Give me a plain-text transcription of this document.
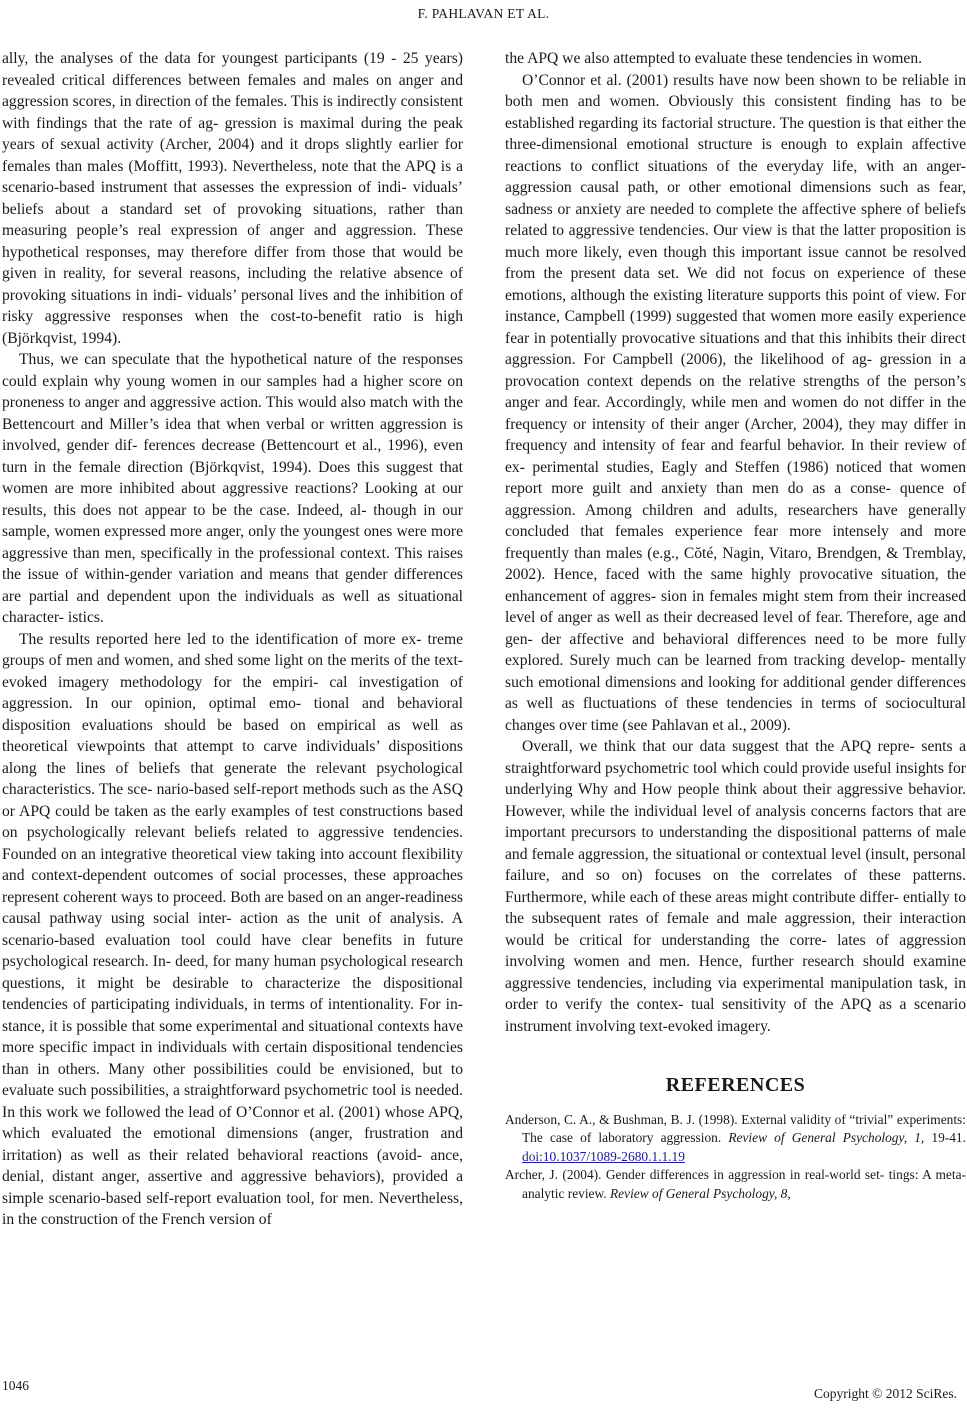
F. PAHLAVAN ET AL.

ally, the analyses of the data for youngest participants (19 - 25 years) revealed critical differences between females and males on anger and aggression scores, in direction of the females. This is indirectly consistent with findings that the rate of ag- gression is maximal during the peak years of sexual activity (Archer, 2004) and it drops slightly earlier for females than males (Moffitt, 1993). Nevertheless, note that the APQ is a scenario-based instrument that assesses the expression of indi- viduals’ beliefs about a standard set of provoking situations, rather than measuring people’s real expression of anger and aggression. These hypothetical responses, may therefore differ from those that would be given in reality, for several reasons, including the relative absence of provoking situations in indi- viduals’ personal lives and the inhibition of risky aggressive responses when the cost-to-benefit ratio is high (Björkqvist, 1994).

Thus, we can speculate that the hypothetical nature of the responses could explain why young women in our samples had a higher score on proneness to anger and aggressive action. This would also match with the Bettencourt and Miller’s idea that when verbal or written aggression is involved, gender dif- ferences decrease (Bettencourt et al., 1996), even turn in the female direction (Björkqvist, 1994). Does this suggest that women are more inhibited about aggressive reactions? Looking at our results, this does not appear to be the case. Indeed, al- though in our sample, women expressed more anger, only the youngest ones were more aggressive than men, specifically in the professional context. This raises the issue of within-gender variation and means that gender differences are partial and dependent upon the individuals as well as situational character- istics.

The results reported here led to the identification of more ex- treme groups of men and women, and shed some light on the merits of the text-evoked imagery methodology for the empiri- cal investigation of aggression. In our opinion, optimal emo- tional and behavioral disposition evaluations should be based on empirical as well as theoretical viewpoints that attempt to carve individuals’ dispositions along the lines of beliefs that generate the relevant psychological characteristics. The sce- nario-based self-report methods such as the ASQ or APQ could be taken as the early examples of test constructions based on psychologically relevant beliefs related to aggressive tendencies. Founded on an integrative theoretical view taking into account flexibility and context-dependent outcomes of social processes, these approaches represent coherent ways to proceed. Both are based on an anger-readiness causal pathway using social inter- action as the unit of analysis. A scenario-based evaluation tool could have clear benefits in future psychological research. In- deed, for many human psychological research questions, it might be desirable to characterize the dispositional tendencies of participating individuals, in terms of intentionality. For in- stance, it is possible that some experimental and situational contexts have more specific impact in individuals with certain dispositional tendencies than in others. Many other possibilities could be envisioned, but to evaluate such possibilities, a straightforward psychometric tool is needed. In this work we followed the lead of O’Connor et al. (2001) whose APQ, which evaluated the emotional dimensions (anger, frustration and irritation) as well as their related behavioral reactions (avoid- ance, denial, distant anger, assertive and aggressive behaviors), provided a simple scenario-based self-report evaluation tool, for men. Nevertheless, in the construction of the French version of

the APQ we also attempted to evaluate these tendencies in women.

O’Connor et al. (2001) results have now been shown to be reliable in both men and women. Obviously this consistent finding has to be established regarding its factorial structure. The question is that either the three-dimensional emotional structure is enough to explain affective reactions to conflict situations of the everyday life, with an anger-aggression causal path, or other emotional dimensions such as fear, sadness or anxiety are needed to complete the affective sphere of beliefs related to aggressive tendencies. Our view is that the latter proposition is much more likely, even though this important issue cannot be resolved from the present data set. We did not focus on experience of these emotions, although the existing literature supports this point of view. For instance, Campbell (1999) suggested that women more easily experience fear in potentially provocative situations and that this inhibits their direct aggression. For Campbell (2006), the likelihood of ag- gression in a provocation context depends on the relative strengths of the person’s anger and fear. Accordingly, while men and women do not differ in the frequency or intensity of their anger (Archer, 2004), they may differ in frequency and intensity of fear and fearful behavior. In their review of ex- perimental studies, Eagly and Steffen (1986) noticed that women report more guilt and anxiety than men do as a conse- quence of aggression. Among children and adults, researchers have generally concluded that females experience fear more intensely and more frequently than males (e.g., Cŏté, Nagin, Vitaro, Brendgen, & Tremblay, 2002). Hence, faced with the same highly provocative situation, the enhancement of aggres- sion in females might stem from their increased level of anger as well as their decreased level of fear. Therefore, age and gen- der affective and behavioral differences need to be more fully explored. Surely much can be learned from tracking develop- mentally such emotional dimensions and looking for additional gender differences as well as fluctuations of these tendencies in terms of sociocultural changes over time (see Pahlavan et al., 2009).

Overall, we think that our data suggest that the APQ repre- sents a straightforward psychometric tool which could provide useful insights for underlying Why and How people think about their aggressive behavior. However, while the individual level of analysis concerns factors that are important precursors to understanding the dispositional patterns of male and female aggression, the situational or contextual level (insult, personal failure, and so on) focuses on the correlates of these patterns. Furthermore, while each of these areas might contribute differ- entially to the subsequent rates of female and male aggression, their interaction would be critical for understanding the corre- lates of aggression involving women and men. Hence, further research should examine aggressive tendencies, including via experimental manipulation task, in order to verify the contex- tual sensitivity of the APQ as a scenario instrument involving text-evoked imagery.

REFERENCES

Anderson, C. A., & Bushman, B. J. (1998). External validity of “trivial” experiments: The case of laboratory aggression. Review of General Psychology, 1, 19-41. doi:10.1037/1089-2680.1.1.19

Archer, J. (2004). Gender differences in aggression in real-world set- tings: A meta-analytic review. Review of General Psychology, 8,

1046
Copyright © 2012 SciRes.
